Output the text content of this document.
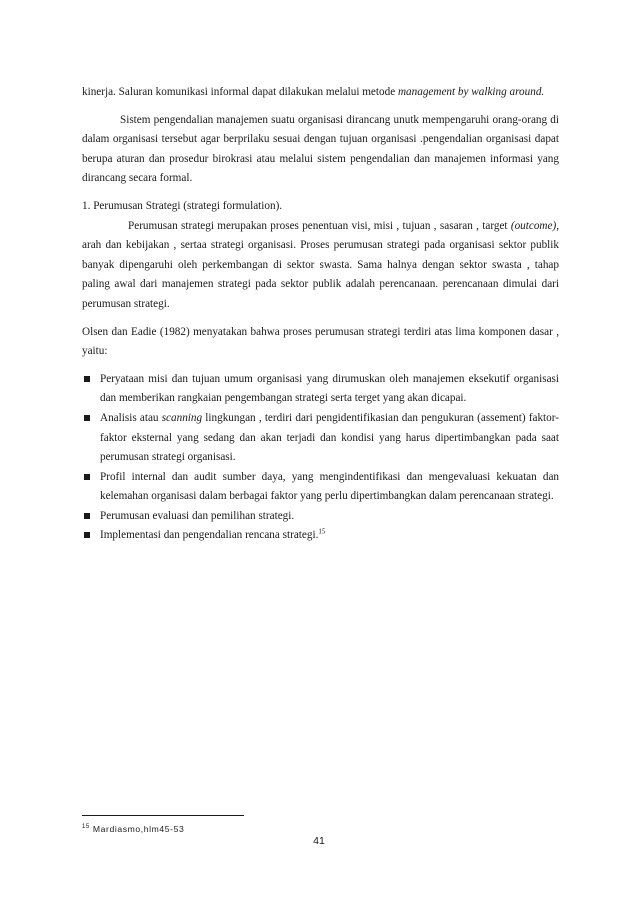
kinerja. Saluran komunikasi informal dapat dilakukan melalui metode management by walking around.

Sistem pengendalian manajemen suatu organisasi dirancang unutk mempengaruhi orang-orang di dalam organisasi tersebut agar berprilaku sesuai dengan tujuan organisasi .pengendalian organisasi dapat berupa aturan dan prosedur birokrasi atau melalui sistem pengendalian dan manajemen informasi yang dirancang secara formal.

1. Perumusan Strategi (strategi formulation).

Perumusan strategi merupakan proses penentuan visi, misi , tujuan , sasaran , target (outcome), arah dan kebijakan , sertaa strategi organisasi. Proses perumusan strategi pada organisasi sektor publik banyak dipengaruhi oleh perkembangan di sektor swasta. Sama halnya dengan sektor swasta , tahap paling awal dari manajemen strategi pada sektor publik adalah perencanaan. perencanaan dimulai dari perumusan strategi.

Olsen dan Eadie (1982) menyatakan bahwa proses perumusan strategi terdiri atas lima komponen dasar , yaitu:

Peryataan misi dan tujuan umum organisasi yang dirumuskan oleh manajemen eksekutif organisasi dan memberikan rangkaian pengembangan strategi serta terget yang akan dicapai.
Analisis atau scanning lingkungan , terdiri dari pengidentifikasian dan pengukuran (assement) faktor-faktor eksternal yang sedang dan akan terjadi dan kondisi yang harus dipertimbangkan pada saat perumusan strategi organisasi.
Profil internal dan audit sumber daya, yang mengindentifikasi dan mengevaluasi kekuatan dan kelemahan organisasi dalam berbagai faktor yang perlu dipertimbangkan dalam perencanaan strategi.
Perumusan evaluasi dan pemilihan strategi.
Implementasi dan pengendalian rencana strategi.$^{15}$
$^{15}$ Mardiasmo,hlm45-53
41
